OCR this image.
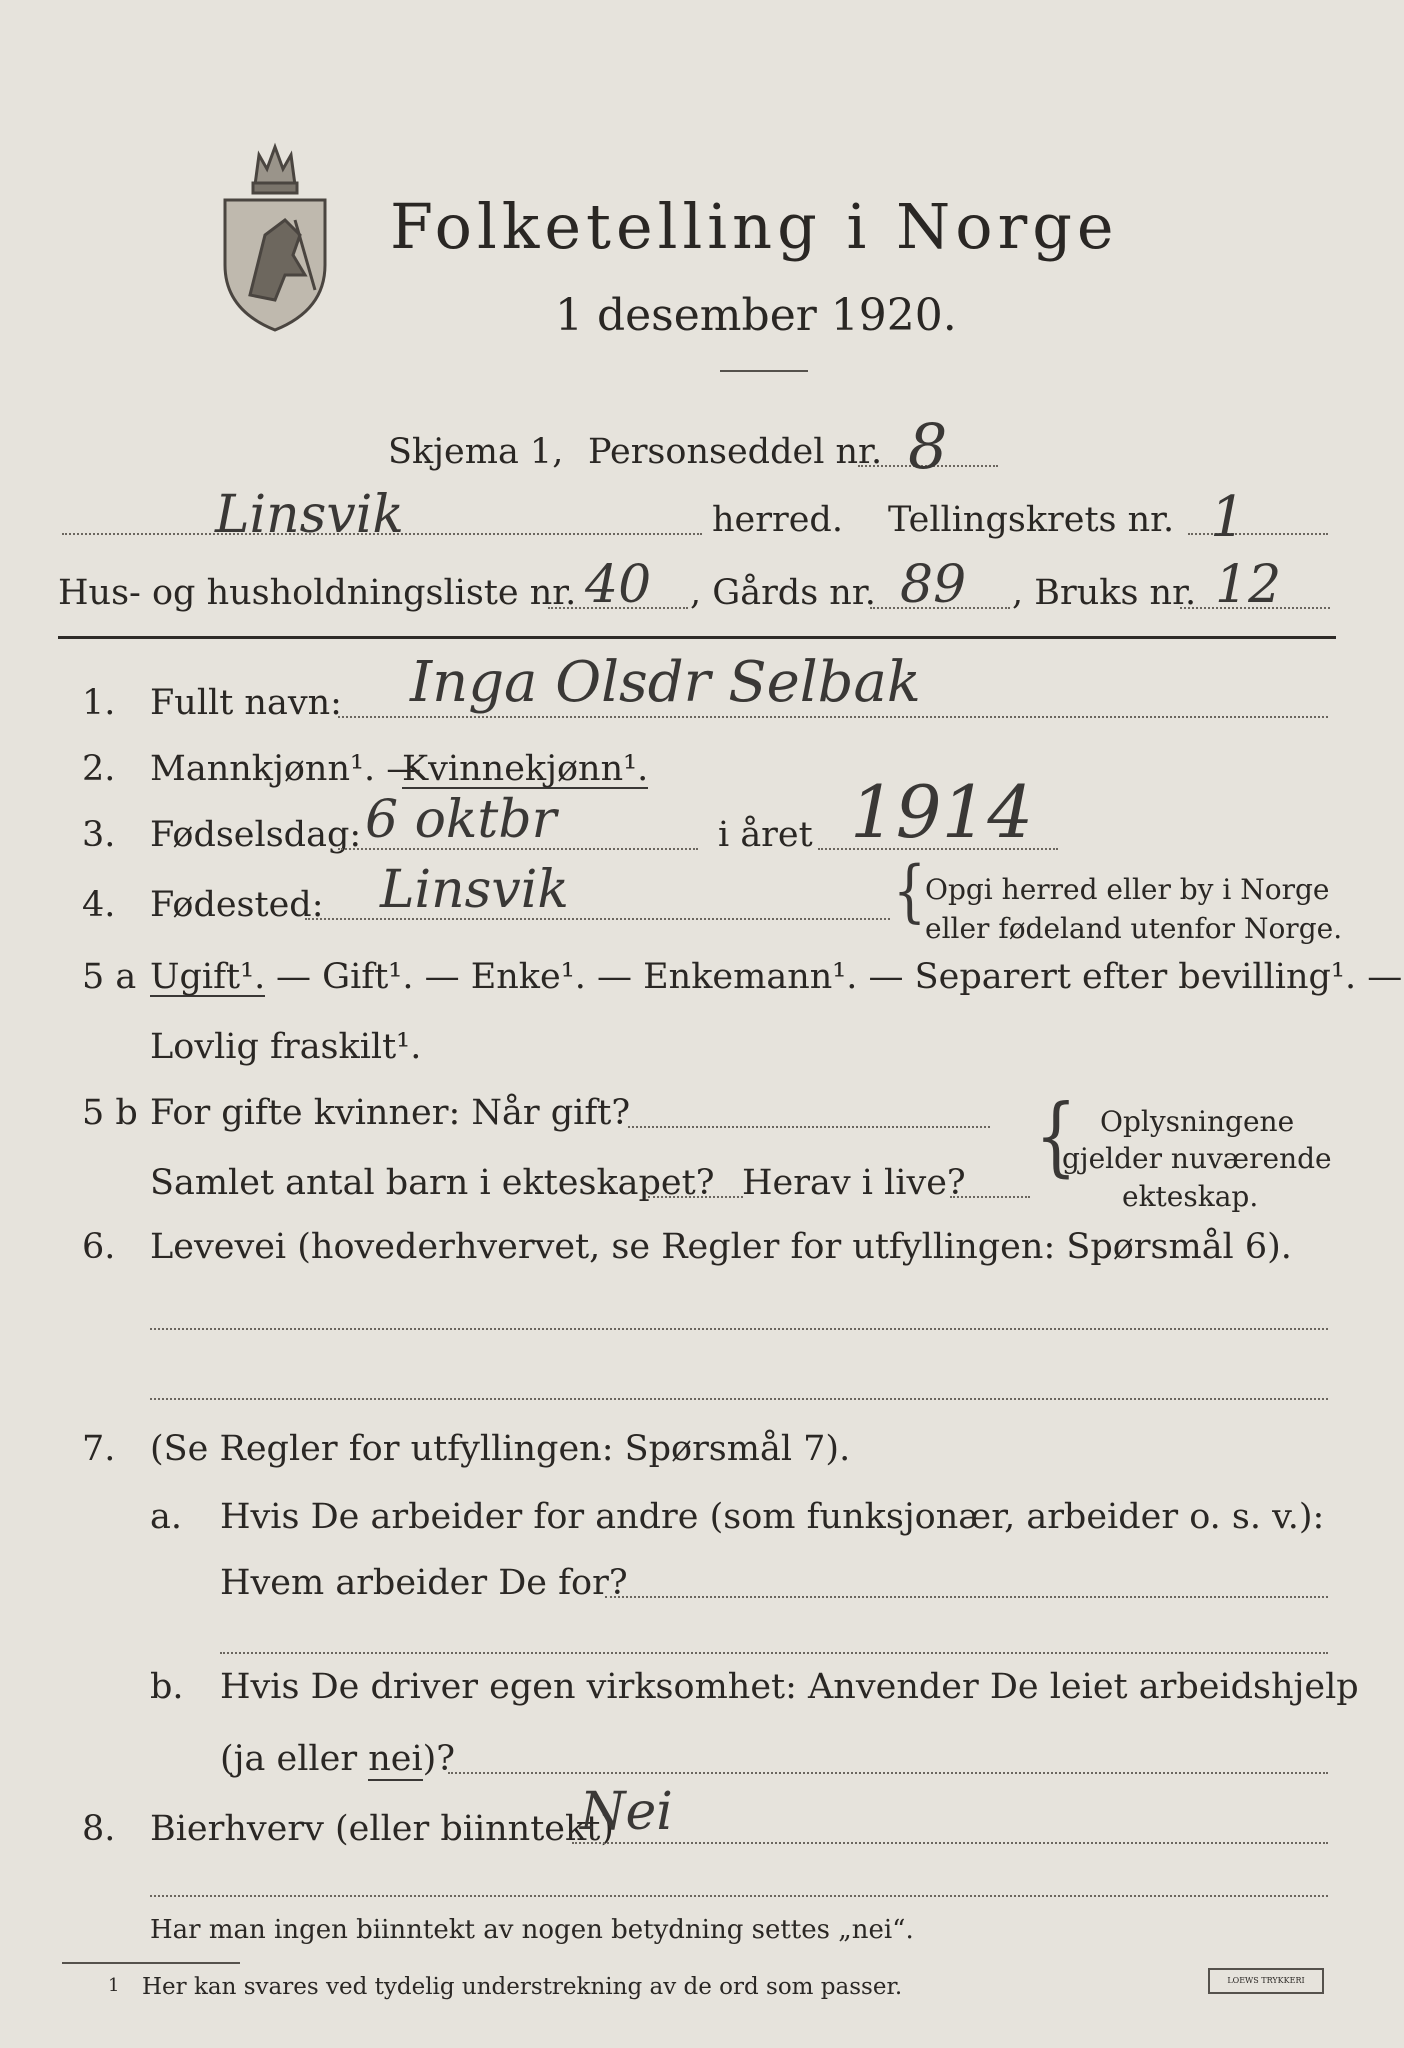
Folketelling i Norge
1 desember 1920.
Skjema 1, Personseddel nr. 8
Linsvik	herred. Tellingskrets nr. 1
Hus- og husholdningsliste nr. 40 , Gårds nr. 89 , Bruks nr. 12
1. Fullt navn: Inga Olsdr Selbak
2. Mannkjønn¹. —
Kvinnekjønn¹.
3. Fødselsdag: 6 oktbr	i året 1914
4. Fødested: Linsvik	{
Opgi herred eller by i Norge
eller fødeland utenfor Norge.
5 a Ugift¹. — Gift¹. — Enke¹. — Enkemann¹. — Separert efter bevilling¹. —
Lovlig fraskilt¹.
5 b For gifte kvinner: Når gift?
Samlet antal barn i ekteskapet? Herav i live? { Oplysningene
gjelder nuværende
ekteskap.
6. Levevei (hovederhvervet, se Regler for utfyllingen: Spørsmål 6).
7. (Se Regler for utfyllingen: Spørsmål 7).
a. Hvis De arbeider for andre (som funksjonær, arbeider o. s. v.):
Hvem arbeider De for?
b. Hvis De driver egen virksomhet: Anvender De leiet arbeidshjelp
(ja eller nei)?
8. Bierhverv (eller biinntekt)
Nei
Har man ingen biinntekt av nogen betydning settes „nei“.
1 Her kan svares ved tydelig understrekning av de ord som passer.	LOEWS TRYKKERI
